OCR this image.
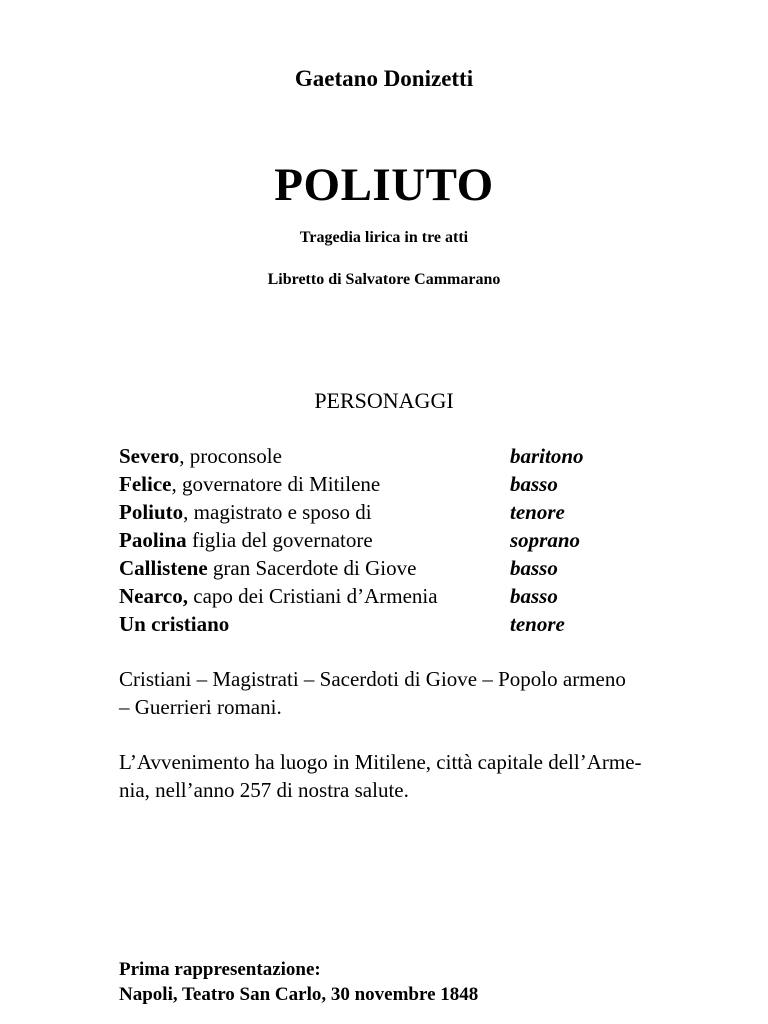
Gaetano Donizetti
POLIUTO
Tragedia lirica in tre atti
Libretto di Salvatore Cammarano
PERSONAGGI
Severo, proconsole	baritono
Felice, governatore di Mitilene	basso
Poliuto, magistrato e sposo di	tenore
Paolina figlia del governatore	soprano
Callistene gran Sacerdote di Giove	basso
Nearco, capo dei Cristiani d’Armenia	basso
Un cristiano	tenore
Cristiani – Magistrati – Sacerdoti di Giove – Popolo armeno
– Guerrieri romani.
L’Avvenimento ha luogo in Mitilene, città capitale dell’Arme-
nia, nell’anno 257 di nostra salute.
Prima rappresentazione:
Napoli, Teatro San Carlo, 30 novembre 1848
